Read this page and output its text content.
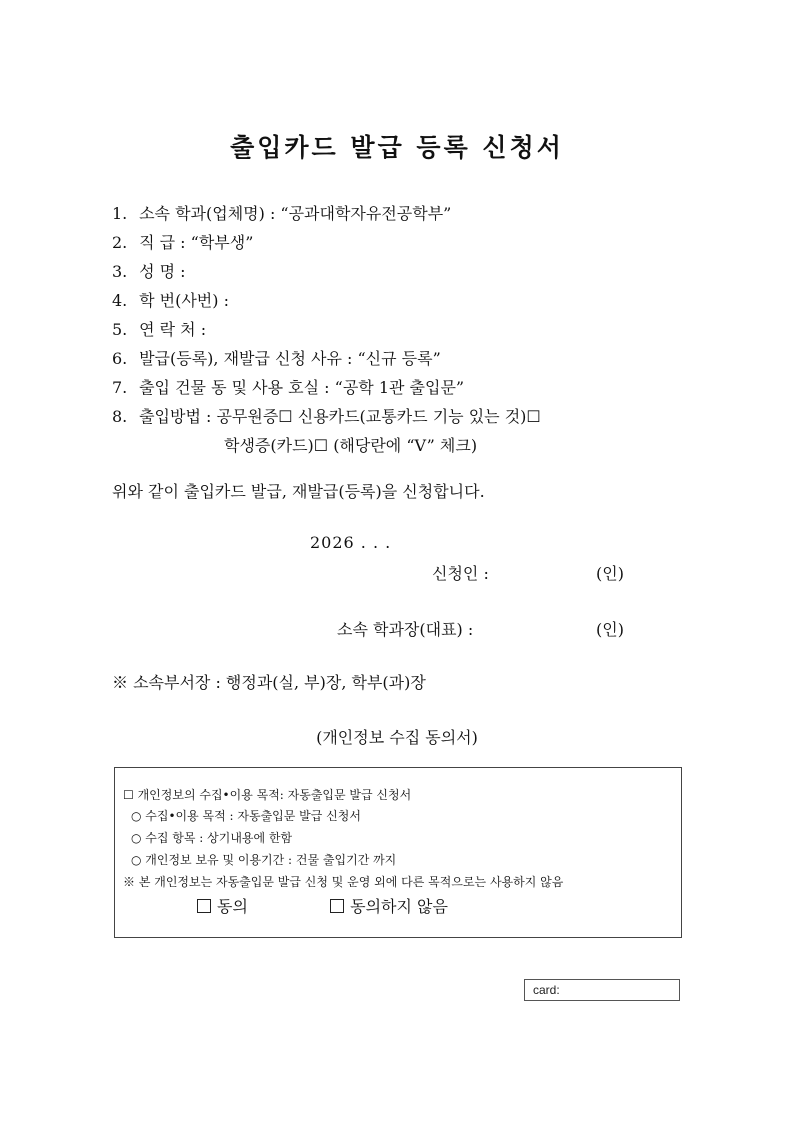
출입카드 발급 등록 신청서
1. 소속 학과(업체명) : “공과대학자유전공학부”
2. 직 급 : “학부생”
3. 성 명 :
4. 학 번(사번) :
5. 연 락 처 :
6. 발급(등록), 재발급 신청 사유 : “신규 등록”
7. 출입 건물 동 및 사용 호실 : “공학 1관 출입문”
8. 출입방법 : 공무원증☐ 신용카드(교통카드 기능 있는 것)☐
학생증(카드)☐ (해당란에 “V” 체크)
위와 같이 출입카드 발급, 재발급(등록)을 신청합니다.
2026 . . .
신청인 :	(인)
소속 학과장(대표) :	(인)
※ 소속부서장 : 행정과(실, 부)장, 학부(과)장
(개인정보 수집 동의서)
☐ 개인정보의 수집•이용 목적: 자동출입문 발급 신청서
○ 수집•이용 목적 : 자동출입문 발급 신청서
○ 수집 항목 : 상기내용에 한함
○ 개인정보 보유 및 이용기간 : 건물 출입기간 까지
※ 본 개인정보는 자동출입문 발급 신청 및 운영 외에 다른 목적으로는 사용하지 않음
동의	동의하지 않음
card:
